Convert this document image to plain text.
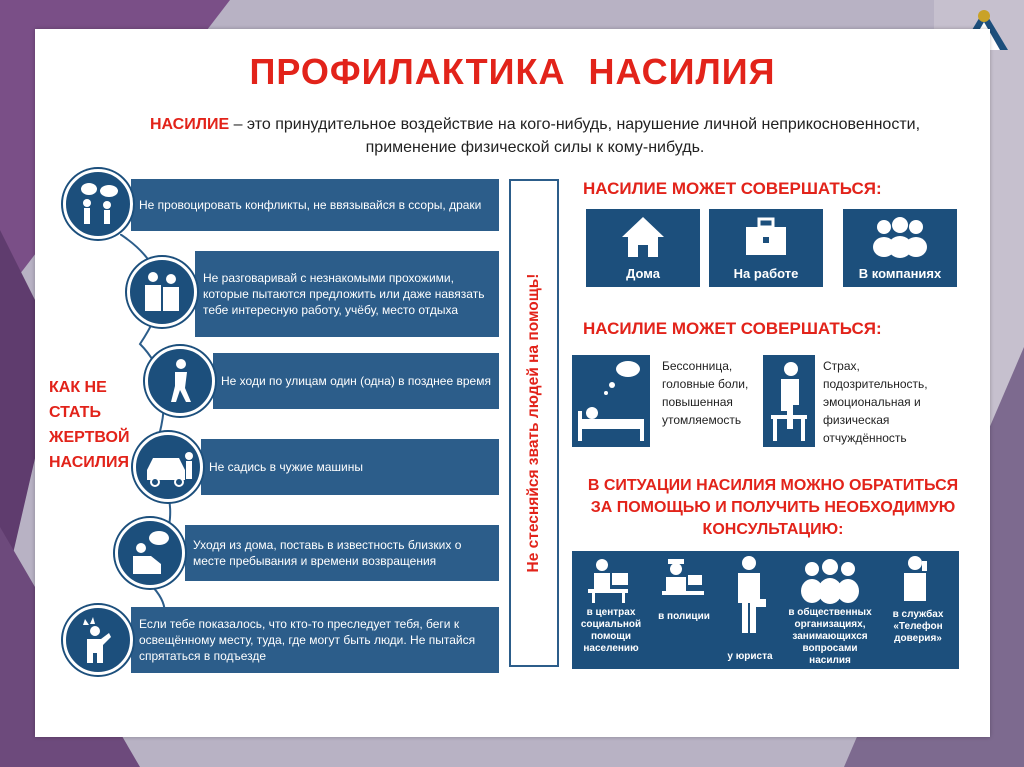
ПРОФИЛАКТИКА НАСИЛИЯ
НАСИЛИЕ – это принудительное воздействие на кого-нибудь, нарушение личной неприкосновенности, применение физической силы к кому-нибудь.
КАК НЕ СТАТЬ ЖЕРТВОЙ НАСИЛИЯ
Не провоцировать конфликты, не ввязывайся в ссоры, драки
Не разговаривай с незнакомыми прохожими, которые пытаются предложить или даже навязать тебе интересную работу, учёбу, место отдыха
Не ходи по улицам один (одна) в позднее время
Не садись в чужие машины
Уходя из дома, поставь в известность близких о месте пребывания и времени возвращения
Если тебе показалось, что кто-то преследует тебя, беги к освещённому месту, туда, где могут быть люди. Не пытайся спрятаться в подъезде
Не стесняйся звать людей на помощь!
НАСИЛИЕ МОЖЕТ СОВЕРШАТЬСЯ:
Дома	На работе	В компаниях
НАСИЛИЕ МОЖЕТ СОВЕРШАТЬСЯ:
Бессонница, головные боли, повышенная утомляемость
Страх, подозрительность, эмоциональная и физическая отчуждённость
В СИТУАЦИИ НАСИЛИЯ МОЖНО ОБРАТИТЬСЯ ЗА ПОМОЩЬЮ И ПОЛУЧИТЬ НЕОБХОДИМУЮ КОНСУЛЬТАЦИЮ:
в центрах социальной помощи населению
в полиции
у юриста
в общественных организациях, занимающихся вопросами насилия
в службах «Телефон доверия»
